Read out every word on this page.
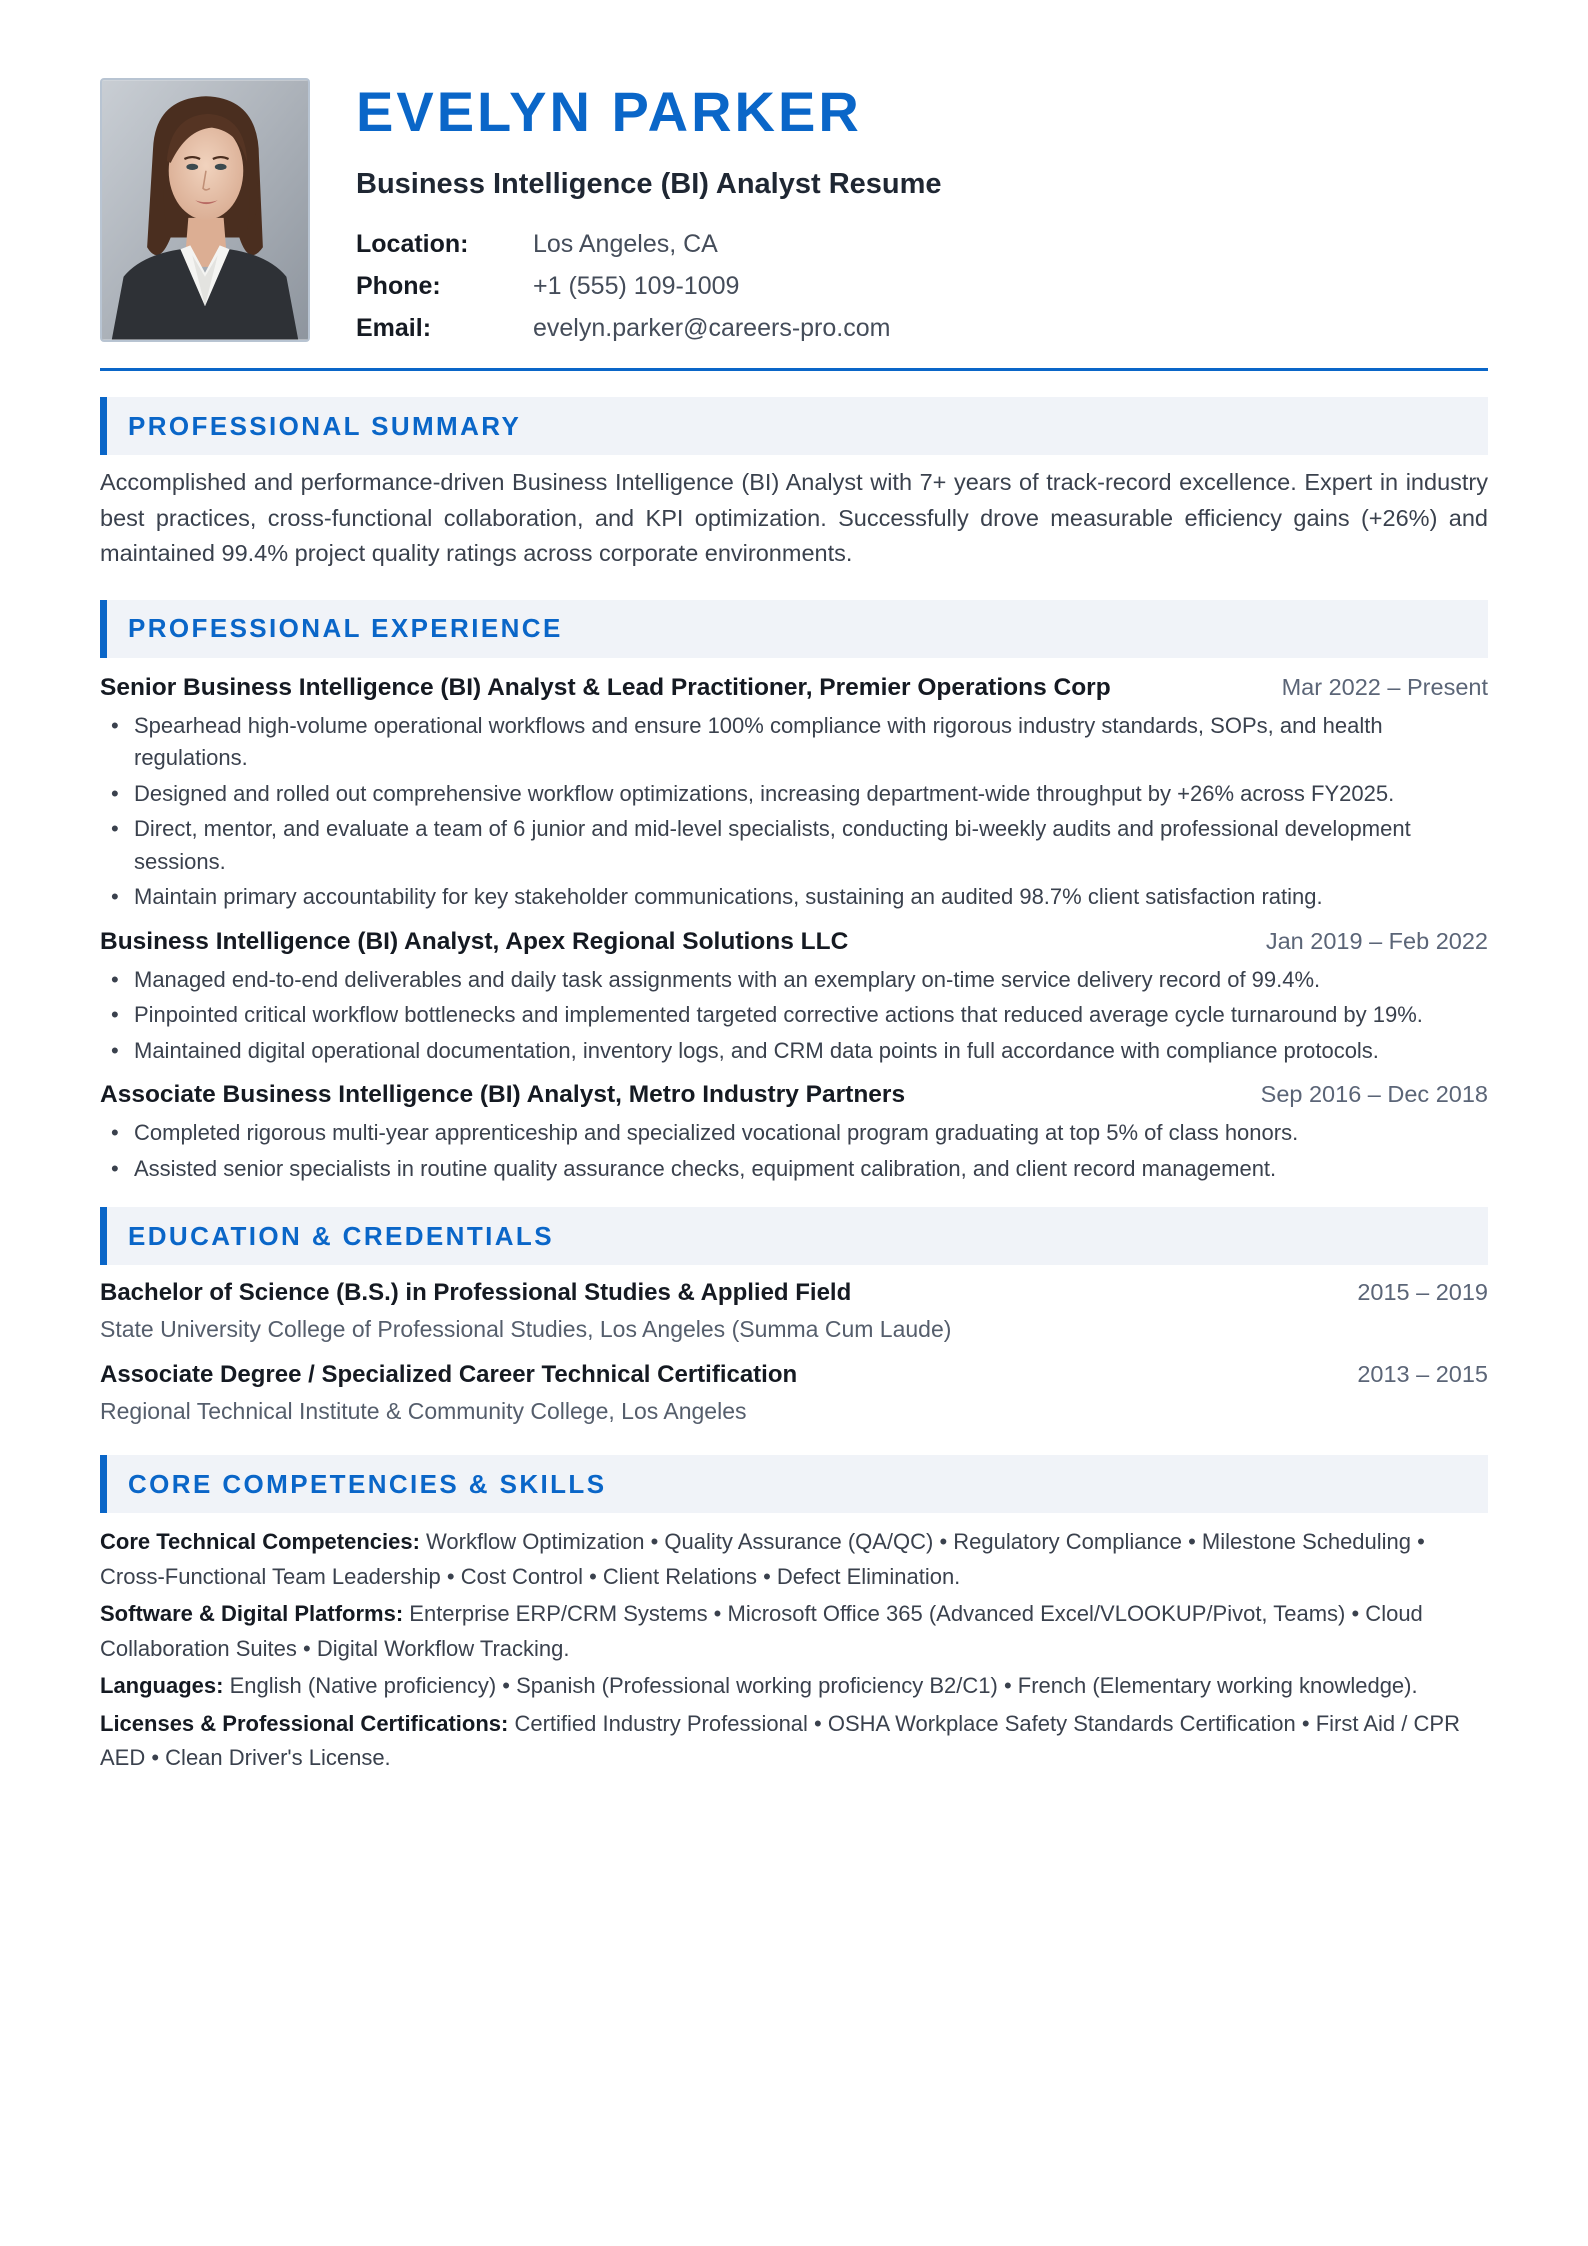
EVELYN PARKER
Business Intelligence (BI) Analyst Resume
Location:	Los Angeles, CA
Phone:	+1 (555) 109-1009
Email:	evelyn.parker@careers-pro.com
PROFESSIONAL SUMMARY

Accomplished and performance-driven Business Intelligence (BI) Analyst with 7+ years of track-record excellence. Expert in industry best practices, cross-functional collaboration, and KPI optimization. Successfully drove measurable efficiency gains (+26%) and maintained 99.4% project quality ratings across corporate environments.

PROFESSIONAL EXPERIENCE
Senior Business Intelligence (BI) Analyst & Lead Practitioner, Premier Operations Corp	Mar 2022 – Present
• Spearhead high-volume operational workflows and ensure 100% compliance with rigorous industry standards, SOPs, and health regulations.
• Designed and rolled out comprehensive workflow optimizations, increasing department-wide throughput by +26% across FY2025.
• Direct, mentor, and evaluate a team of 6 junior and mid-level specialists, conducting bi-weekly audits and professional development sessions.
• Maintain primary accountability for key stakeholder communications, sustaining an audited 98.7% client satisfaction rating.
Business Intelligence (BI) Analyst, Apex Regional Solutions LLC	Jan 2019 – Feb 2022
• Managed end-to-end deliverables and daily task assignments with an exemplary on-time service delivery record of 99.4%.
• Pinpointed critical workflow bottlenecks and implemented targeted corrective actions that reduced average cycle turnaround by 19%.
• Maintained digital operational documentation, inventory logs, and CRM data points in full accordance with compliance protocols.
Associate Business Intelligence (BI) Analyst, Metro Industry Partners	Sep 2016 – Dec 2018
• Completed rigorous multi-year apprenticeship and specialized vocational program graduating at top 5% of class honors.
• Assisted senior specialists in routine quality assurance checks, equipment calibration, and client record management.
EDUCATION & CREDENTIALS
Bachelor of Science (B.S.) in Professional Studies & Applied Field	2015 – 2019
State University College of Professional Studies, Los Angeles (Summa Cum Laude)
Associate Degree / Specialized Career Technical Certification	2013 – 2015
Regional Technical Institute & Community College, Los Angeles
CORE COMPETENCIES & SKILLS

Core Technical Competencies: Workflow Optimization • Quality Assurance (QA/QC) • Regulatory Compliance • Milestone Scheduling • Cross-Functional Team Leadership • Cost Control • Client Relations • Defect Elimination.

Software & Digital Platforms: Enterprise ERP/CRM Systems • Microsoft Office 365 (Advanced Excel/VLOOKUP/Pivot, Teams) • Cloud Collaboration Suites • Digital Workflow Tracking.

Languages: English (Native proficiency) • Spanish (Professional working proficiency B2/C1) • French (Elementary working knowledge).

Licenses & Professional Certifications: Certified Industry Professional • OSHA Workplace Safety Standards Certification • First Aid / CPR AED • Clean Driver's License.
